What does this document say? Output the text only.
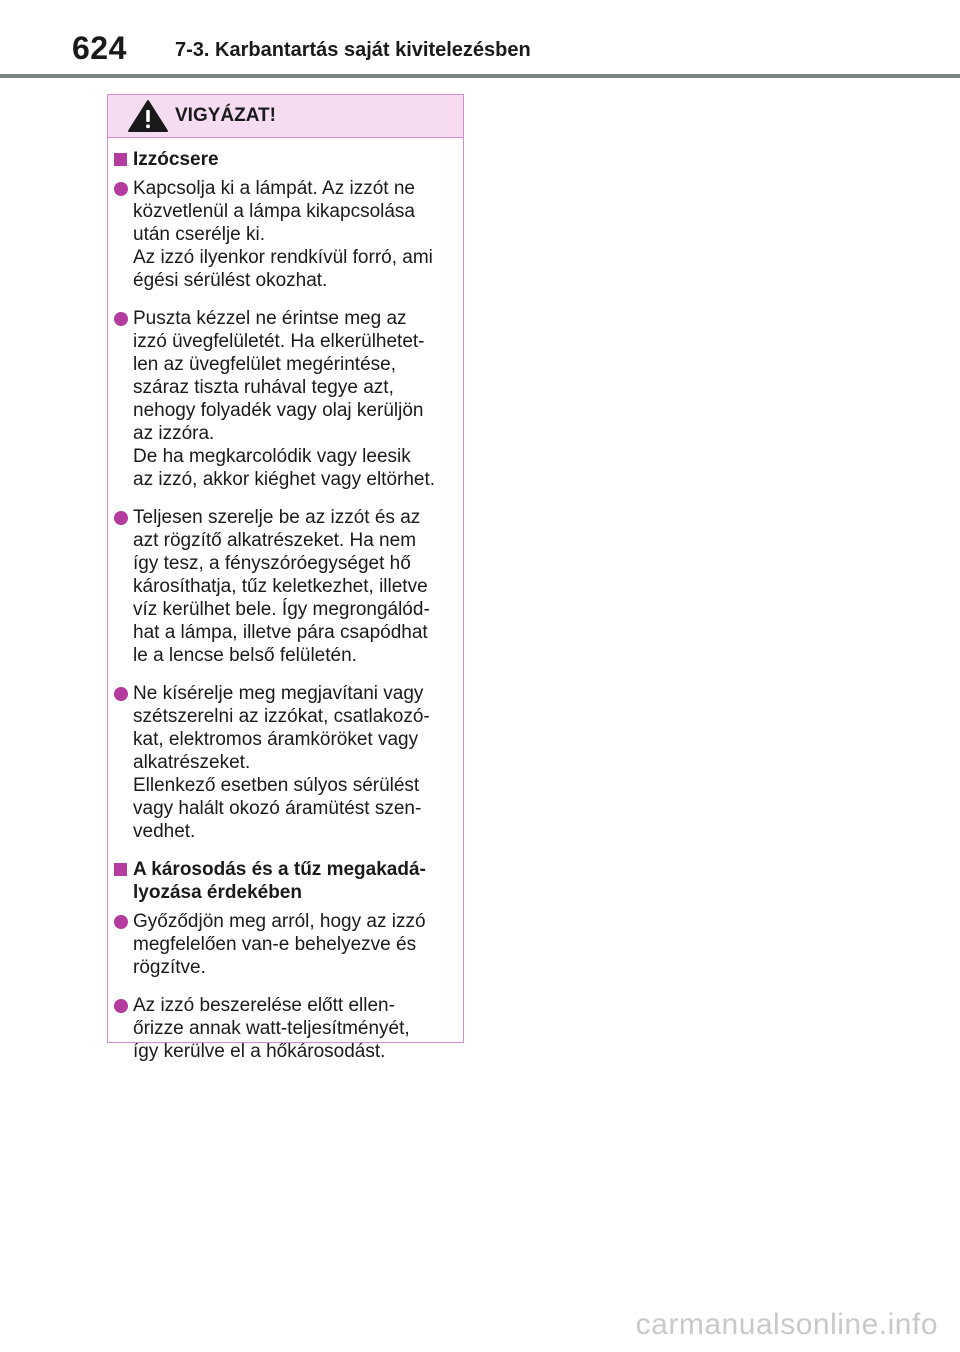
624 7-3. Karbantartás saját kivitelezésben
VIGYÁZAT!
Izzócsere
Kapcsolja ki a lámpát. Az izzót ne
közvetlenül a lámpa kikapcsolása
után cserélje ki.
Az izzó ilyenkor rendkívül forró, ami
égési sérülést okozhat.
Puszta kézzel ne érintse meg az
izzó üvegfelületét. Ha elkerülhetet-
len az üvegfelület megérintése,
száraz tiszta ruhával tegye azt,
nehogy folyadék vagy olaj kerüljön
az izzóra.
De ha megkarcolódik vagy leesik
az izzó, akkor kiéghet vagy eltörhet.
Teljesen szerelje be az izzót és az
azt rögzítő alkatrészeket. Ha nem
így tesz, a fényszóróegységet hő
károsíthatja, tűz keletkezhet, illetve
víz kerülhet bele. Így megrongálód-
hat a lámpa, illetve pára csapódhat
le a lencse belső felületén.
Ne kísérelje meg megjavítani vagy
szétszerelni az izzókat, csatlakozó-
kat, elektromos áramköröket vagy
alkatrészeket.
Ellenkező esetben súlyos sérülést
vagy halált okozó áramütést szen-
vedhet.
A károsodás és a tűz megakadá-
lyozása érdekében
Győződjön meg arról, hogy az izzó
megfelelően van-e behelyezve és
rögzítve.
Az izzó beszerelése előtt ellen-
őrizze annak watt-teljesítményét,
így kerülve el a hőkárosodást.
carmanualsonline.info
